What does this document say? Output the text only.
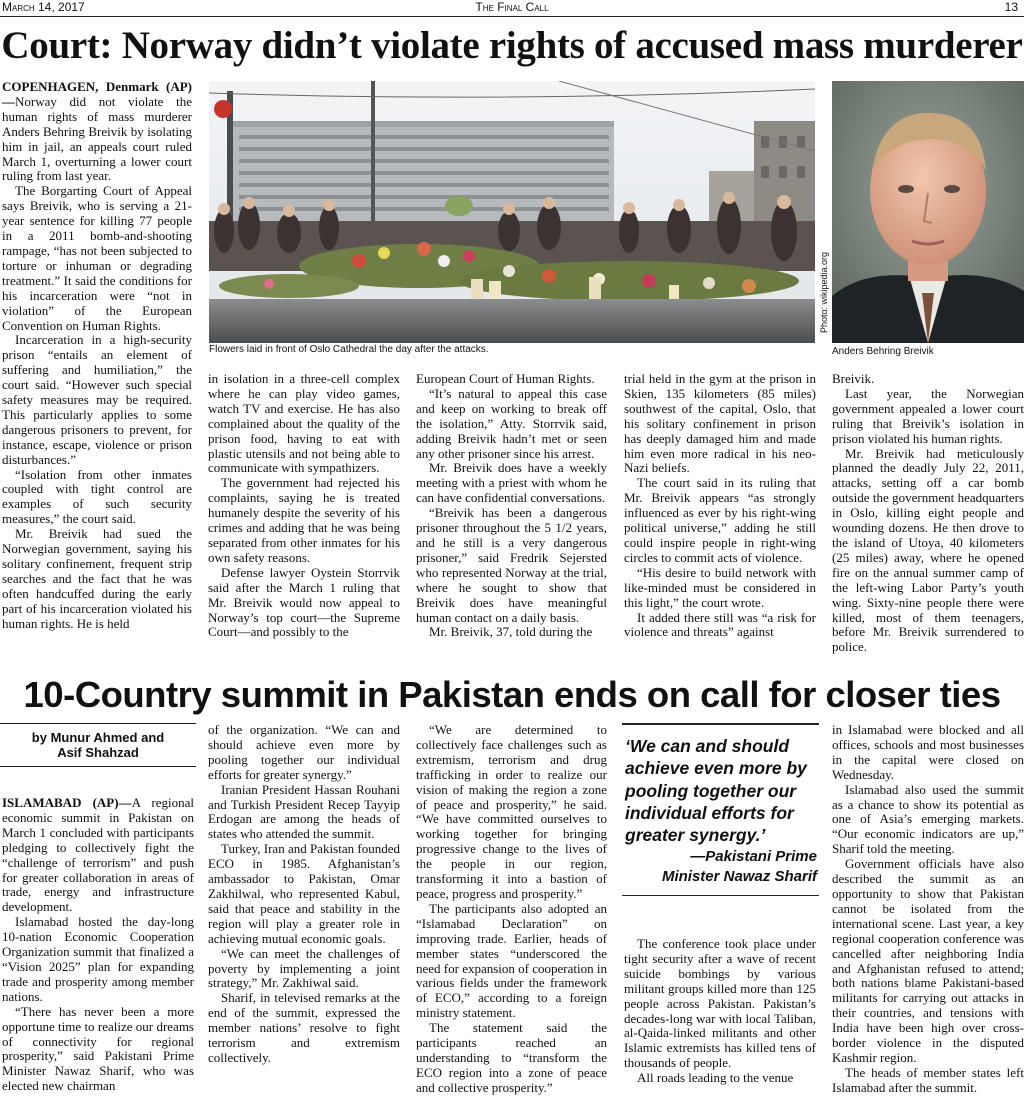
March 14, 2017	The Final Call	13
Court: Norway didn’t violate rights of accused mass murderer
Flowers laid in front of Oslo Cathedral the day after the attacks.
Photo: wikipedia.org
Anders Behring Breivik

COPENHAGEN, Denmark (AP)—Norway did not violate the human rights of mass murderer Anders Behring Breivik by isolating him in jail, an appeals court ruled March 1, overturning a lower court ruling from last year.

The Borgarting Court of Appeal says Breivik, who is serving a 21-year sentence for killing 77 people in a 2011 bomb-and-shooting rampage, “has not been subjected to torture or inhuman or degrading treatment.” It said the conditions for his incarceration were “not in violation” of the European Convention on Human Rights.

Incarceration in a high-security prison “entails an element of suffering and humiliation,” the court said. “However such special safety measures may be required. This particularly applies to some dangerous prisoners to prevent, for instance, escape, violence or prison disturbances.”

“Isolation from other inmates coupled with tight control are examples of such security measures,” the court said.

Mr. Breivik had sued the Norwegian government, saying his solitary confinement, frequent strip searches and the fact that he was often handcuffed during the early part of his incarceration violated his human rights. He is held

in isolation in a three-cell complex where he can play video games, watch TV and exercise. He has also complained about the quality of the prison food, having to eat with plastic utensils and not being able to communicate with sympathizers.

The government had rejected his complaints, saying he is treated humanely despite the severity of his crimes and adding that he was being separated from other inmates for his own safety reasons.

Defense lawyer Oystein Storrvik said after the March 1 ruling that Mr. Breivik would now appeal to Norway’s top court—the Supreme Court—and possibly to the

European Court of Human Rights.

“It’s natural to appeal this case and keep on working to break off the isolation,” Atty. Storrvik said, adding Breivik hadn’t met or seen any other prisoner since his arrest.

Mr. Breivik does have a weekly meeting with a priest with whom he can have confidential conversations.

“Breivik has been a dangerous prisoner throughout the 5 1/2 years, and he still is a very dangerous prisoner,” said Fredrik Sejersted who represented Norway at the trial, where he sought to show that Breivik does have meaningful human contact on a daily basis.

Mr. Breivik, 37, told during the

trial held in the gym at the prison in Skien, 135 kilometers (85 miles) southwest of the capital, Oslo, that his solitary confinement in prison has deeply damaged him and made him even more radical in his neo-Nazi beliefs.

The court said in its ruling that Mr. Breivik appears “as strongly influenced as ever by his right-wing political universe,” adding he still could inspire people in right-wing circles to commit acts of violence.

“His desire to build network with like-minded must be considered in this light,” the court wrote.

It added there still was “a risk for violence and threats” against

Breivik.

Last year, the Norwegian government appealed a lower court ruling that Breivik’s isolation in prison violated his human rights.

Mr. Breivik had meticulously planned the deadly July 22, 2011, attacks, setting off a car bomb outside the government headquarters in Oslo, killing eight people and wounding dozens. He then drove to the island of Utoya, 40 kilometers (25 miles) away, where he opened fire on the annual summer camp of the left-wing Labor Party’s youth wing. Sixty-nine people there were killed, most of them teenagers, before Mr. Breivik surrendered to police.

10-Country summit in Pakistan ends on call for closer ties
by Munur Ahmed and
Asif Shahzad

ISLAMABAD (AP)—A regional economic summit in Pakistan on March 1 concluded with participants pledging to collectively fight the “challenge of terrorism” and push for greater collaboration in areas of trade, energy and infrastructure development.

Islamabad hosted the day-long 10-nation Economic Cooperation Organization summit that finalized a “Vision 2025” plan for expanding trade and prosperity among member nations.

“There has never been a more opportune time to realize our dreams of connectivity for regional prosperity,” said Pakistani Prime Minister Nawaz Sharif, who was elected new chairman

of the organization. “We can and should achieve even more by pooling together our individual efforts for greater synergy.”

Iranian President Hassan Rouhani and Turkish President Recep Tayyip Erdogan are among the heads of states who attended the summit.

Turkey, Iran and Pakistan founded ECO in 1985. Afghanistan’s ambassador to Pakistan, Omar Zakhilwal, who represented Kabul, said that peace and stability in the region will play a greater role in achieving mutual economic goals.

“We can meet the challenges of poverty by implementing a joint strategy,” Mr. Zakhiwal said.

Sharif, in televised remarks at the end of the summit, expressed the member nations’ resolve to fight terrorism and extremism collectively.

“We are determined to collectively face challenges such as extremism, terrorism and drug trafficking in order to realize our vision of making the region a zone of peace and prosperity,” he said. “We have committed ourselves to working together for bringing progressive change to the lives of the people in our region, transforming it into a bastion of peace, progress and prosperity.”

The participants also adopted an “Islamabad Declaration” on improving trade. Earlier, heads of member states “underscored the need for expansion of cooperation in various fields under the framework of ECO,” according to a foreign ministry statement.

The statement said the participants reached an understanding to “transform the ECO region into a zone of peace and collective prosperity.”

‘We can and should achieve even more by pooling together our individual efforts for greater synergy.’
—Pakistani Prime
Minister Nawaz Sharif

The conference took place under tight security after a wave of recent suicide bombings by various militant groups killed more than 125 people across Pakistan. Pakistan’s decades-long war with local Taliban, al-Qaida-linked militants and other Islamic extremists has killed tens of thousands of people.

All roads leading to the venue

in Islamabad were blocked and all offices, schools and most businesses in the capital were closed on Wednesday.

Islamabad also used the summit as a chance to show its potential as one of Asia’s emerging markets. “Our economic indicators are up,” Sharif told the meeting.

Government officials have also described the summit as an opportunity to show that Pakistan cannot be isolated from the international scene. Last year, a key regional cooperation conference was cancelled after neighboring India and Afghanistan refused to attend; both nations blame Pakistani-based militants for carrying out attacks in their countries, and tensions with India have been high over cross-border violence in the disputed Kashmir region.

The heads of member states left Islamabad after the summit.
